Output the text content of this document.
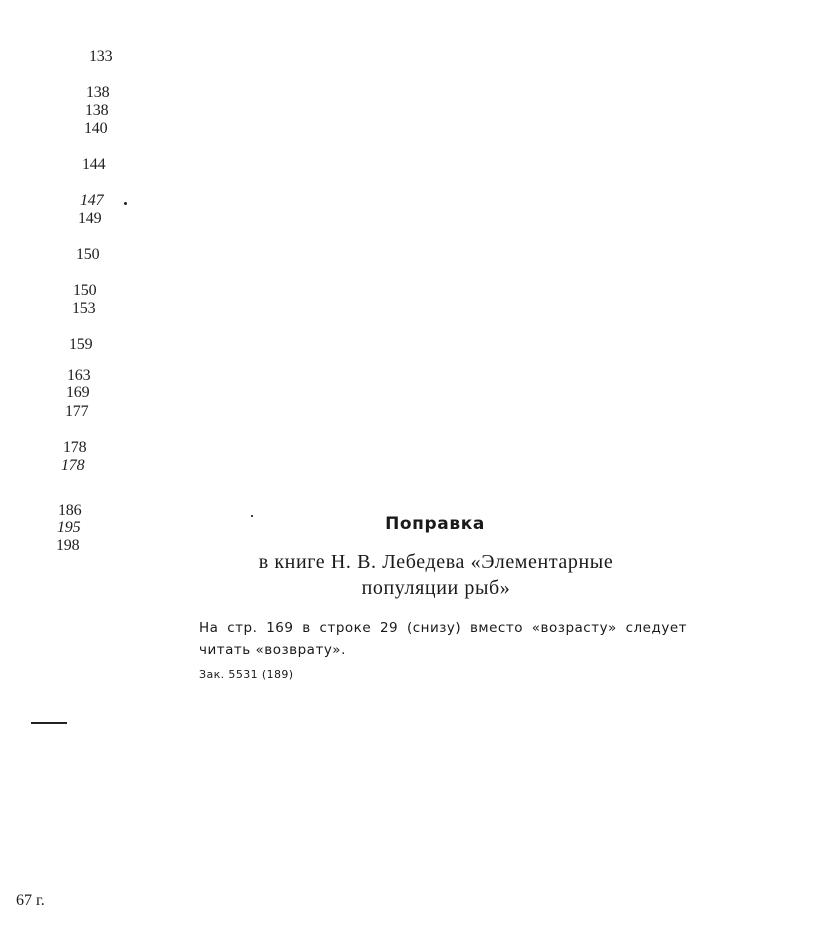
133
138
138
140
144
147
149
150
150
153
159
163
169
177
178
178
186
195
198
Поправка
в книге Н. В. Лебедева «Элементарные
популяции рыб»
На стр. 169 в строке 29 (снизу) вместо «возрасту» следует читать «возврату».
Зак. 5531 (189)
67 г.
